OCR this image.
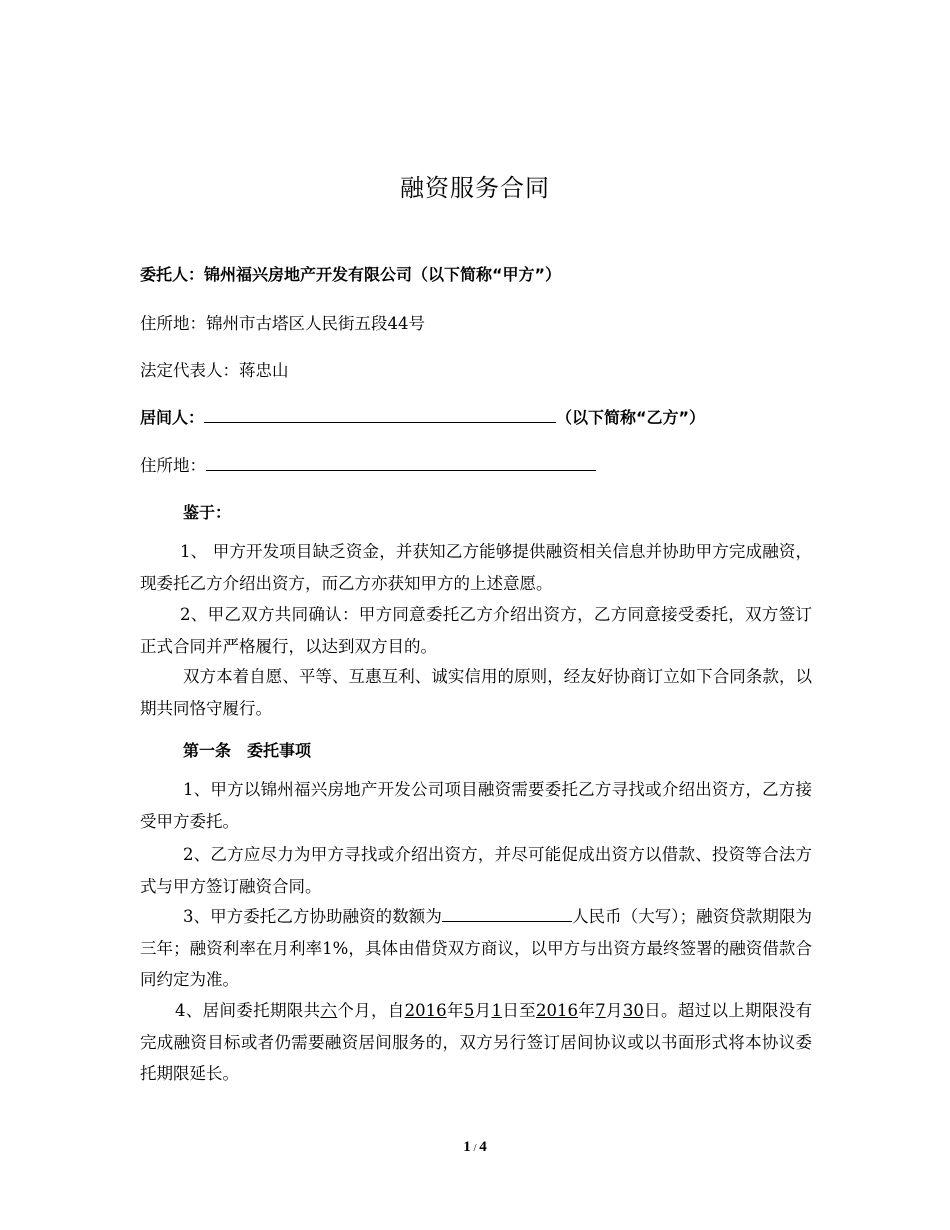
融资服务合同
委托人：锦州福兴房地产开发有限公司（以下简称“甲方”）
住所地：锦州市古塔区人民街五段44号
法定代表人：蒋忠山
居间人：	（以下简称“乙方”）
住所地：
鉴于：
1、 甲方开发项目缺乏资金，并获知乙方能够提供融资相关信息并协助甲方完成融资，现委托乙方介绍出资方，而乙方亦获知甲方的上述意愿。
2、甲乙双方共同确认：甲方同意委托乙方介绍出资方，乙方同意接受委托，双方签订正式合同并严格履行，以达到双方目的。
双方本着自愿、平等、互惠互利、诚实信用的原则，经友好协商订立如下合同条款，以期共同恪守履行。
第一条　委托事项
1、甲方以锦州福兴房地产开发公司项目融资需要委托乙方寻找或介绍出资方，乙方接受甲方委托。
2、乙方应尽力为甲方寻找或介绍出资方，并尽可能促成出资方以借款、投资等合法方式与甲方签订融资合同。
3、甲方委托乙方协助融资的数额为	人民币（大写）；融资贷款期限为三年；融资利率在月利率1%，具体由借贷双方商议，以甲方与出资方最终签署的融资借款合同约定为准。
4、居间委托期限共六个月，自2016年5月1日至2016年7月30日。超过以上期限没有完成融资目标或者仍需要融资居间服务的，双方另行签订居间协议或以书面形式将本协议委托期限延长。
1 / 4
